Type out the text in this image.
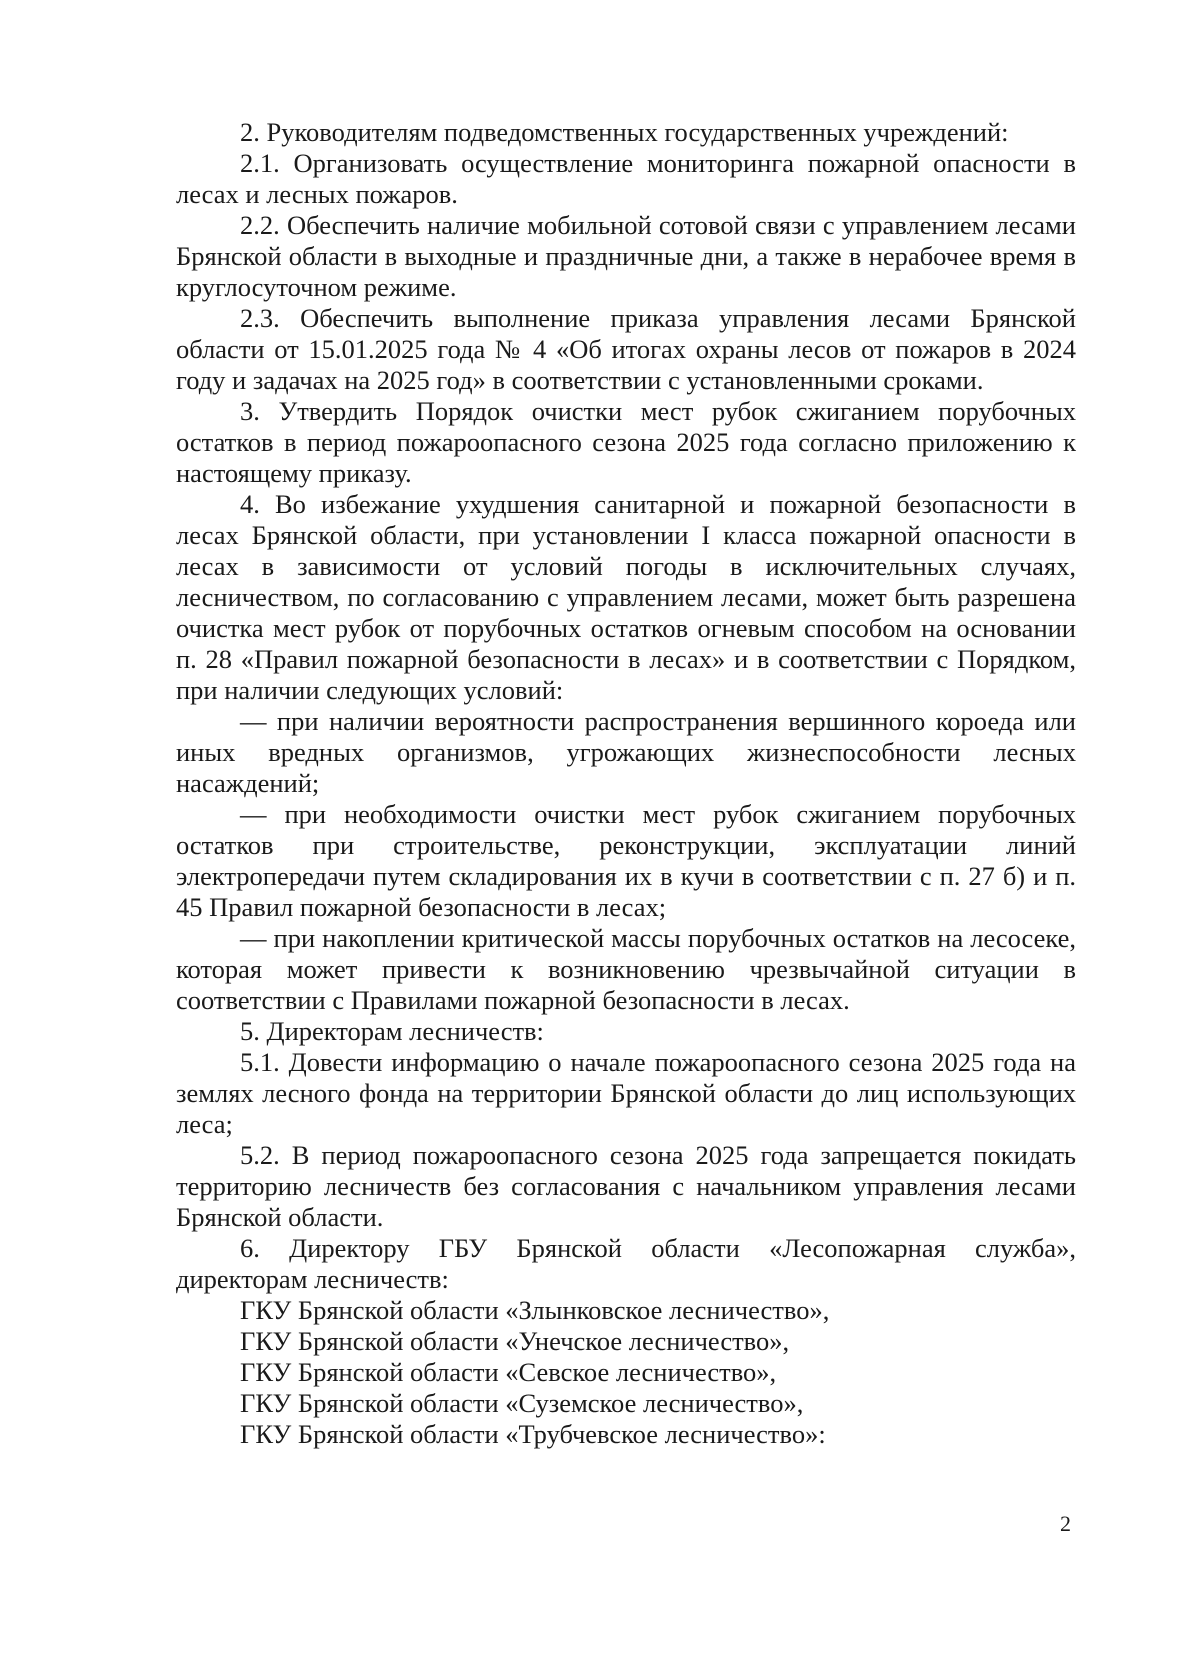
2. Руководителям подведомственных государственных учреждений:

2.1. Организовать осуществление мониторинга пожарной опасности в лесах и лесных пожаров.

2.2. Обеспечить наличие мобильной сотовой связи с управлением лесами Брянской области в выходные и праздничные дни, а также в нерабочее время в круглосуточном режиме.

2.3. Обеспечить выполнение приказа управления лесами Брянской области от 15.01.2025 года № 4 «Об итогах охраны лесов от пожаров в 2024 году и задачах на 2025 год» в соответствии с установленными сроками.

3. Утвердить Порядок очистки мест рубок сжиганием порубочных остатков в период пожароопасного сезона 2025 года согласно приложению к настоящему приказу.

4. Во избежание ухудшения санитарной и пожарной безопасности в лесах Брянской области, при установлении I класса пожарной опасности в лесах в зависимости от условий погоды в исключительных случаях, лесничеством, по согласованию с управлением лесами, может быть разрешена очистка мест рубок от порубочных остатков огневым способом на основании п. 28 «Правил пожарной безопасности в лесах» и в соответствии с Порядком, при наличии следующих условий:

— при наличии вероятности распространения вершинного короеда или иных вредных организмов, угрожающих жизнеспособности лесных насаждений;

— при необходимости очистки мест рубок сжиганием порубочных остатков при строительстве, реконструкции, эксплуатации линий электропередачи путем складирования их в кучи в соответствии с п. 27 б) и п. 45 Правил пожарной безопасности в лесах;

— при накоплении критической массы порубочных остатков на лесосеке, которая может привести к возникновению чрезвычайной ситуации в соответствии с Правилами пожарной безопасности в лесах.

5. Директорам лесничеств:

5.1. Довести информацию о начале пожароопасного сезона 2025 года на землях лесного фонда на территории Брянской области до лиц использующих леса;

5.2. В период пожароопасного сезона 2025 года запрещается покидать территорию лесничеств без согласования с начальником управления лесами Брянской области.

6. Директору ГБУ Брянской области «Лесопожарная служба», директорам лесничеств:

ГКУ Брянской области «Злынковское лесничество»,

ГКУ Брянской области «Унечское лесничество»,

ГКУ Брянской области «Севское лесничество»,

ГКУ Брянской области «Суземское лесничество»,

ГКУ Брянской области «Трубчевское лесничество»:

2
